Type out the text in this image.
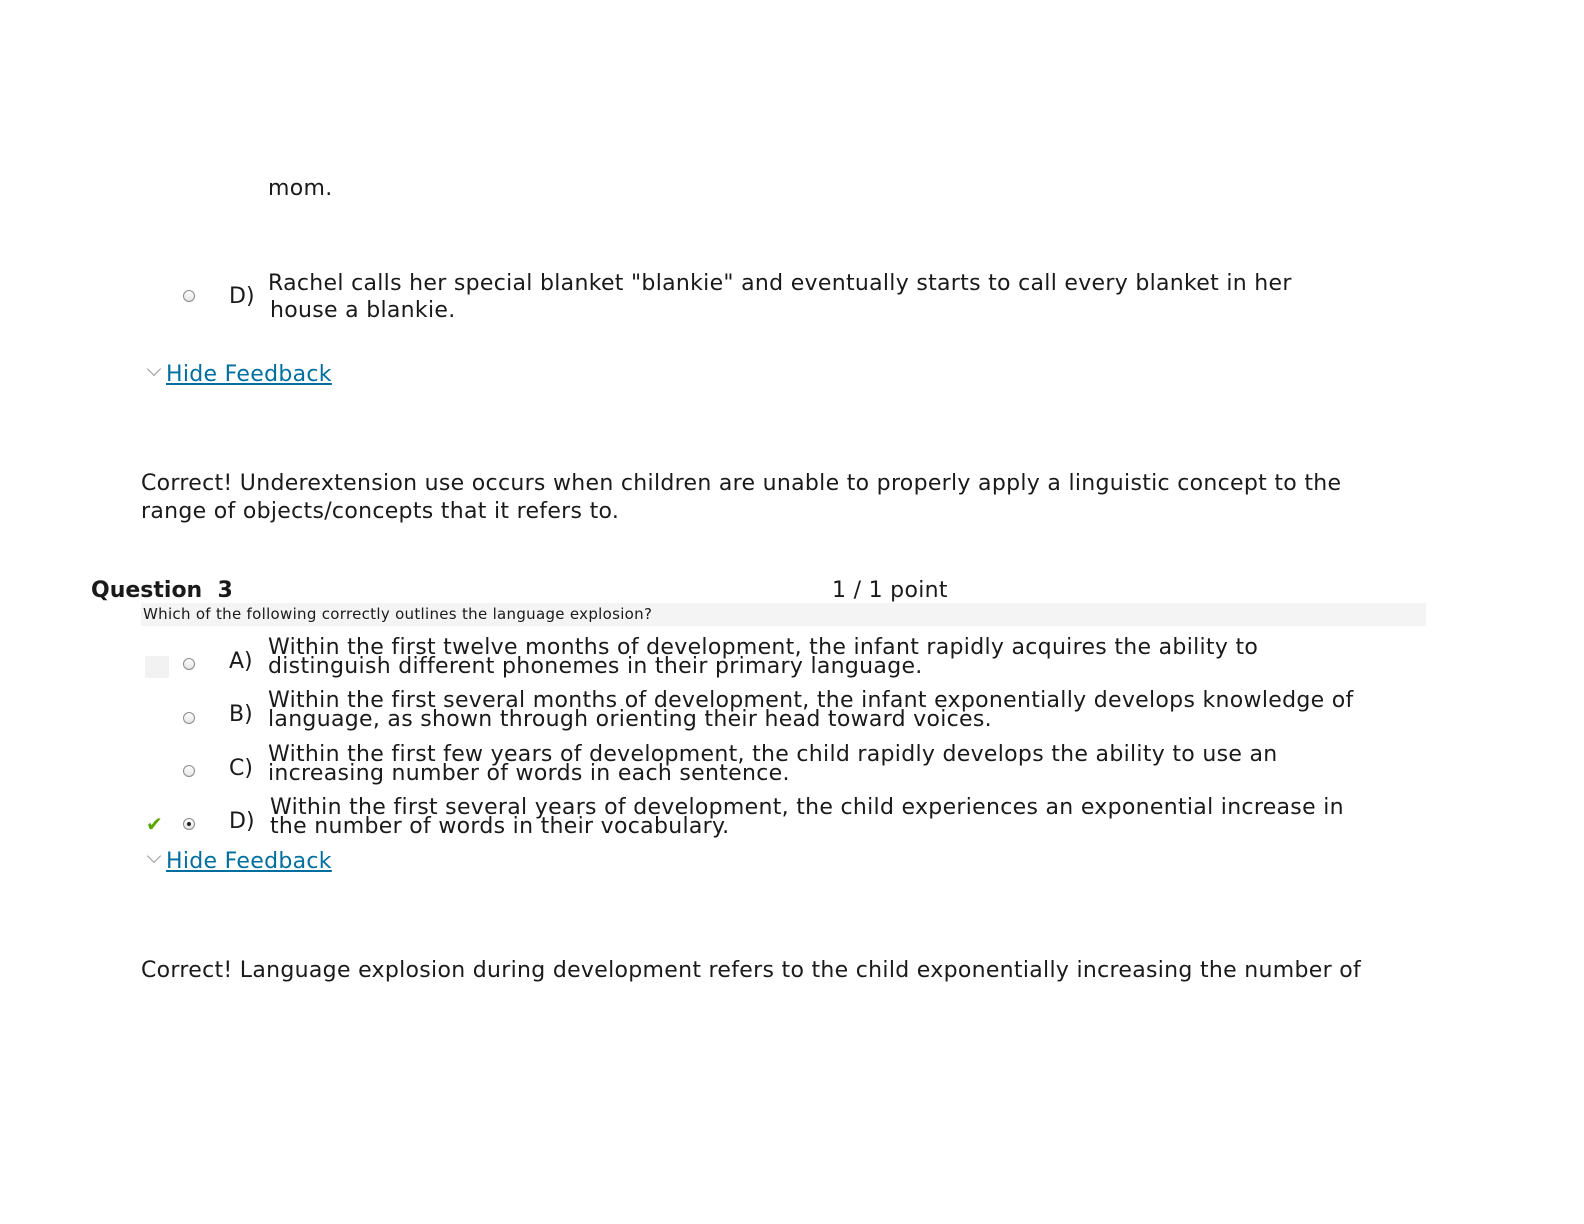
mom.
D)
Rachel calls her special blanket "blankie" and eventually starts to call every blanket in her
house a blankie.
Hide Feedback
Correct! Underextension use occurs when children are unable to properly apply a linguistic concept to the
range of objects/concepts that it refers to.
Question  3	1 / 1 point
Which of the following correctly outlines the language explosion?
A)
Within the first twelve months of development, the infant rapidly acquires the ability to
distinguish different phonemes in their primary language.
B)
Within the first several months of development, the infant exponentially develops knowledge of
language, as shown through orienting their head toward voices.
C)
Within the first few years of development, the child rapidly develops the ability to use an
increasing number of words in each sentence.
✔	D)
Within the first several years of development, the child experiences an exponential increase in
the number of words in their vocabulary.
Hide Feedback
Correct! Language explosion during development refers to the child exponentially increasing the number of
